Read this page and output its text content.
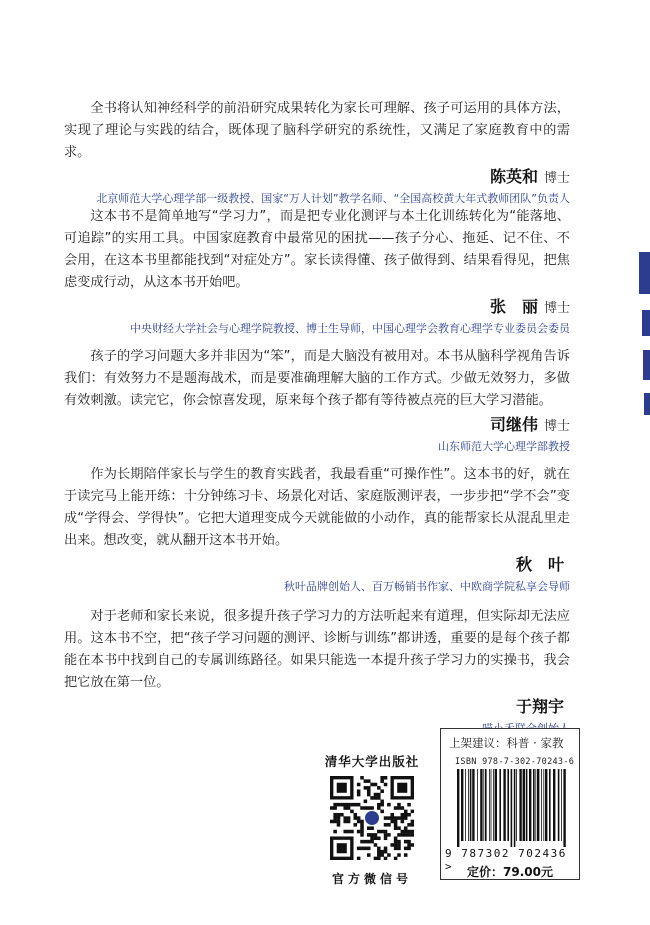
全书将认知神经科学的前沿研究成果转化为家长可理解、孩子可运用的具体方法，实现了理论与实践的结合，既体现了脑科学研究的系统性，又满足了家庭教育中的需求。

陈英和 博士
北京师范大学心理学部一级教授、国家“万人计划”教学名师、“全国高校黄大年式教师团队”负责人

这本书不是简单地写“学习力”，而是把专业化测评与本土化训练转化为“能落地、可追踪”的实用工具。中国家庭教育中最常见的困扰——孩子分心、拖延、记不住、不会用，在这本书里都能找到“对症处方”。家长读得懂、孩子做得到、结果看得见，把焦虑变成行动，从这本书开始吧。

张　丽 博士
中央财经大学社会与心理学院教授、博士生导师，中国心理学会教育心理学专业委员会委员

孩子的学习问题大多并非因为“笨”，而是大脑没有被用对。本书从脑科学视角告诉我们：有效努力不是题海战术，而是要准确理解大脑的工作方式。少做无效努力，多做有效刺激。读完它，你会惊喜发现，原来每个孩子都有等待被点亮的巨大学习潜能。

司继伟 博士
山东师范大学心理学部教授

作为长期陪伴家长与学生的教育实践者，我最看重“可操作性”。这本书的好，就在于读完马上能开练：十分钟练习卡、场景化对话、家庭版测评表，一步步把“学不会”变成“学得会、学得快”。它把大道理变成今天就能做的小动作，真的能帮家长从混乱里走出来。想改变，就从翻开这本书开始。

秋　叶
秋叶品牌创始人、百万畅销书作家、中欧商学院私享会导师

对于老师和家长来说，很多提升孩子学习力的方法听起来有道理，但实际却无法应用。这本书不空，把“孩子学习问题的测评、诊断与训练”都讲透，重要的是每个孩子都能在本书中找到自己的专属训练路径。如果只能选一本提升孩子学习力的实操书，我会把它放在第一位。

于翔宇
清华大学出版社
官方微信号
上架建议：科普 · 家教
ISBN 978-7-302-70243-6
9 787302 702436 >	定价：79.00元
